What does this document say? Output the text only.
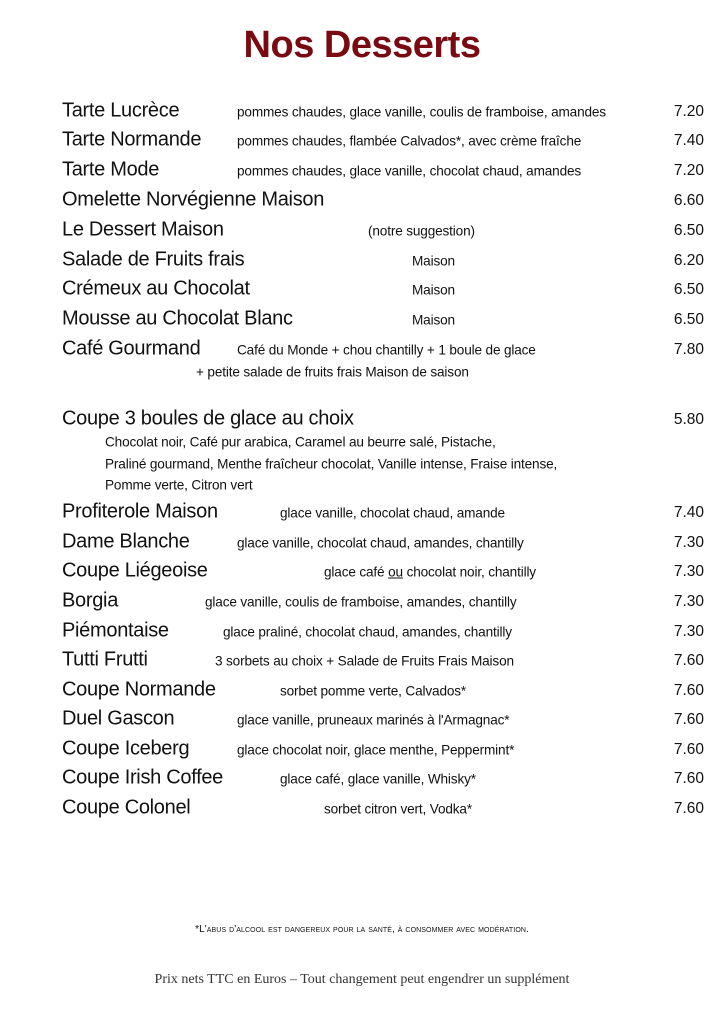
Nos Desserts
Tarte Lucrèce	pommes chaudes, glace vanille, coulis de framboise, amandes	7.20
Tarte Normande	pommes chaudes, flambée Calvados*, avec crème fraîche	7.40
Tarte Mode	pommes chaudes, glace vanille, chocolat chaud, amandes	7.20
Omelette Norvégienne Maison	6.60
Le Dessert Maison	(notre suggestion)	6.50
Salade de Fruits frais	Maison	6.20
Crémeux au Chocolat	Maison	6.50
Mousse au Chocolat Blanc	Maison	6.50
Café Gourmand	Café du Monde + chou chantilly + 1 boule de glace	7.80
+ petite salade de fruits frais Maison de saison
Coupe 3 boules de glace au choix	5.80
Chocolat noir, Café pur arabica, Caramel au beurre salé, Pistache,
Praliné gourmand, Menthe fraîcheur chocolat, Vanille intense, Fraise intense,
Pomme verte, Citron vert
Profiterole Maison	glace vanille, chocolat chaud, amande	7.40
Dame Blanche	glace vanille, chocolat chaud, amandes, chantilly	7.30
Coupe Liégeoise	glace café ou chocolat noir, chantilly	7.30
Borgia	glace vanille, coulis de framboise, amandes, chantilly	7.30
Piémontaise	glace praliné, chocolat chaud, amandes, chantilly	7.30
Tutti Frutti	3 sorbets au choix + Salade de Fruits Frais Maison	7.60
Coupe Normande	sorbet pomme verte, Calvados*	7.60
Duel Gascon	glace vanille, pruneaux marinés à l'Armagnac*	7.60
Coupe Iceberg	glace chocolat noir, glace menthe, Peppermint*	7.60
Coupe Irish Coffee	glace café, glace vanille, Whisky*	7.60
Coupe Colonel	sorbet citron vert, Vodka*	7.60
*L'abus d'alcool est dangereux pour la santé, à consommer avec modération.
Prix nets TTC en Euros – Tout changement peut engendrer un supplément
